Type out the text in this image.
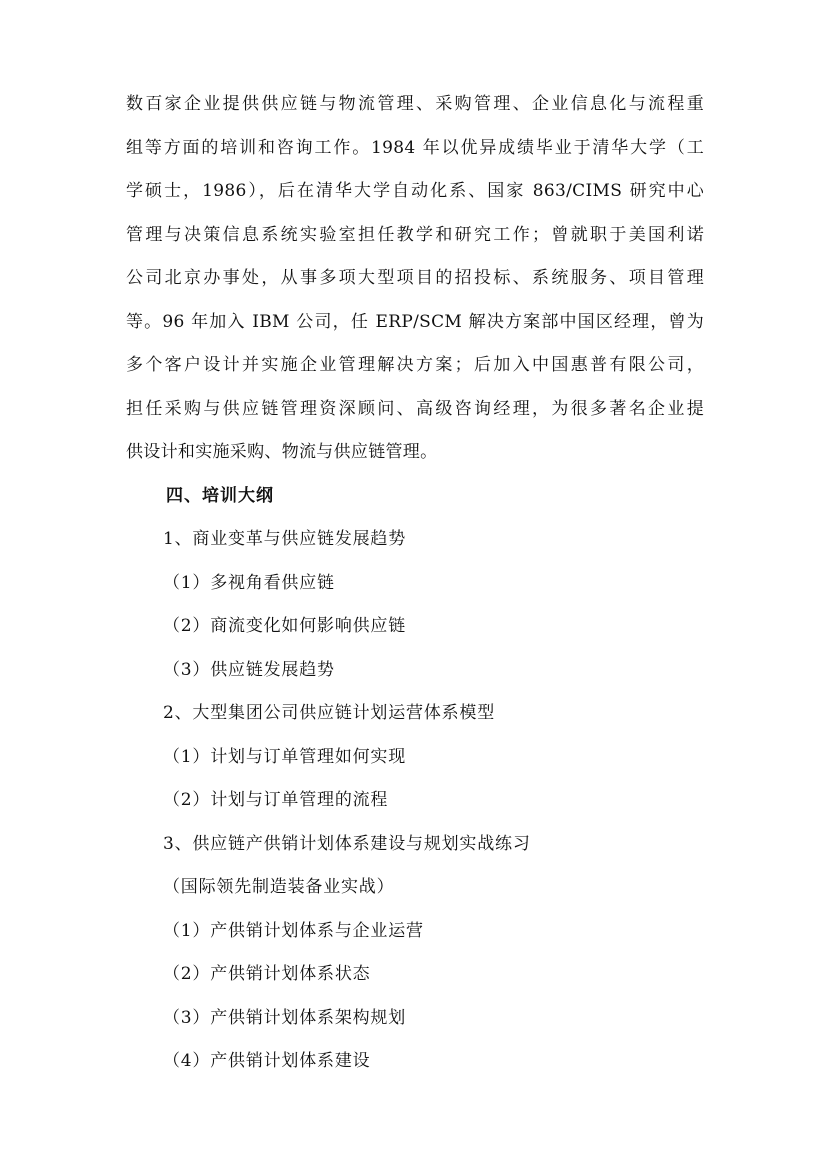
数百家企业提供供应链与物流管理、采购管理、企业信息化与流程重
组等方面的培训和咨询工作。1984 年以优异成绩毕业于清华大学（工
学硕士，1986），后在清华大学自动化系、国家 863/CIMS 研究中心
管理与决策信息系统实验室担任教学和研究工作；曾就职于美国利诺
公司北京办事处，从事多项大型项目的招投标、系统服务、项目管理
等。96 年加入 IBM 公司，任 ERP/SCM 解决方案部中国区经理，曾为
多个客户设计并实施企业管理解决方案；后加入中国惠普有限公司，
担任采购与供应链管理资深顾问、高级咨询经理，为很多著名企业提
供设计和实施采购、物流与供应链管理。
四、培训大纲
1、商业变革与供应链发展趋势
（1）多视角看供应链
（2）商流变化如何影响供应链
（3）供应链发展趋势
2、大型集团公司供应链计划运营体系模型
（1）计划与订单管理如何实现
（2）计划与订单管理的流程
3、供应链产供销计划体系建设与规划实战练习
（国际领先制造装备业实战）
（1）产供销计划体系与企业运营
（2）产供销计划体系状态
（3）产供销计划体系架构规划
（4）产供销计划体系建设
